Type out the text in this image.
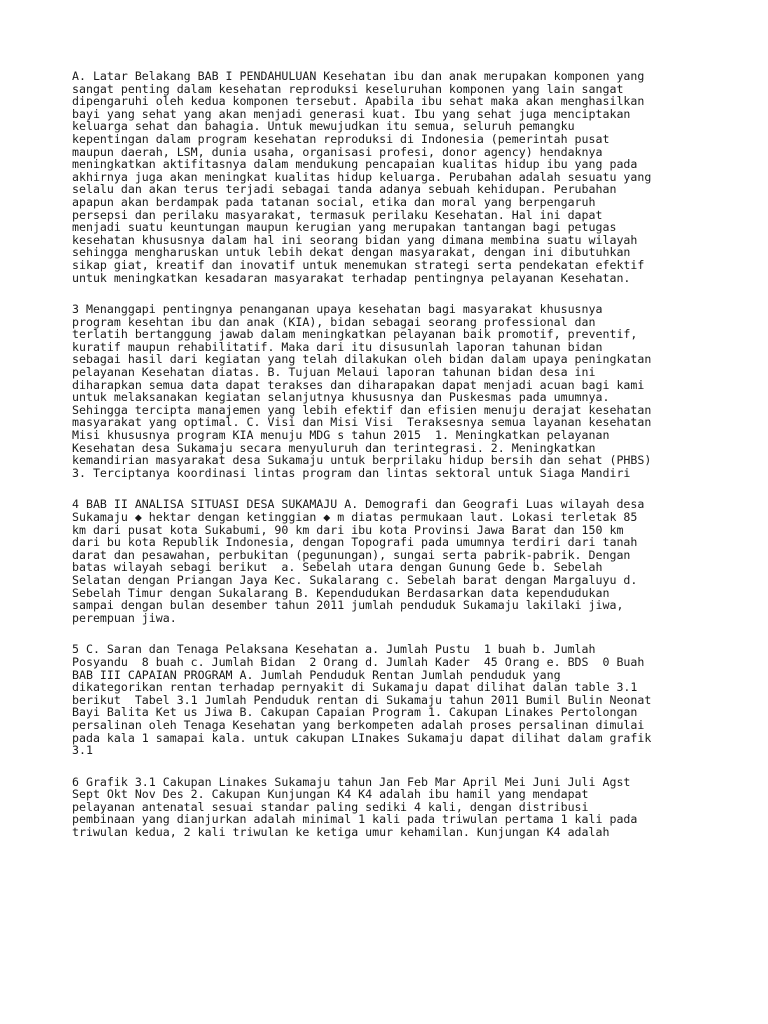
A. Latar Belakang BAB I PENDAHULUAN Kesehatan ibu dan anak merupakan komponen yang
sangat penting dalam kesehatan reproduksi keseluruhan komponen yang lain sangat
dipengaruhi oleh kedua komponen tersebut. Apabila ibu sehat maka akan menghasilkan
bayi yang sehat yang akan menjadi generasi kuat. Ibu yang sehat juga menciptakan
keluarga sehat dan bahagia. Untuk mewujudkan itu semua, seluruh pemangku
kepentingan dalam program kesehatan reproduksi di Indonesia (pemerintah pusat
maupun daerah, LSM, dunia usaha, organisasi profesi, donor agency) hendaknya
meningkatkan aktifitasnya dalam mendukung pencapaian kualitas hidup ibu yang pada
akhirnya juga akan meningkat kualitas hidup keluarga. Perubahan adalah sesuatu yang
selalu dan akan terus terjadi sebagai tanda adanya sebuah kehidupan. Perubahan
apapun akan berdampak pada tatanan social, etika dan moral yang berpengaruh
persepsi dan perilaku masyarakat, termasuk perilaku Kesehatan. Hal ini dapat
menjadi suatu keuntungan maupun kerugian yang merupakan tantangan bagi petugas
kesehatan khususnya dalam hal ini seorang bidan yang dimana membina suatu wilayah
sehingga mengharuskan untuk lebih dekat dengan masyarakat, dengan ini dibutuhkan
sikap giat, kreatif dan inovatif untuk menemukan strategi serta pendekatan efektif
untuk meningkatkan kesadaran masyarakat terhadap pentingnya pelayanan Kesehatan.
3 Menanggapi pentingnya penanganan upaya kesehatan bagi masyarakat khususnya
program kesehtan ibu dan anak (KIA), bidan sebagai seorang professional dan
terlatih bertanggung jawab dalam meningkatkan pelayanan baik promotif, preventif,
kuratif maupun rehabilitatif. Maka dari itu disusunlah laporan tahunan bidan
sebagai hasil dari kegiatan yang telah dilakukan oleh bidan dalam upaya peningkatan
pelayanan Kesehatan diatas. B. Tujuan Melaui laporan tahunan bidan desa ini
diharapkan semua data dapat terakses dan diharapakan dapat menjadi acuan bagi kami
untuk melaksanakan kegiatan selanjutnya khususnya dan Puskesmas pada umumnya.
Sehingga tercipta manajemen yang lebih efektif dan efisien menuju derajat kesehatan
masyarakat yang optimal. C. Visi dan Misi Visi  Teraksesnya semua layanan kesehatan
Misi khususnya program KIA menuju MDG s tahun 2015  1. Meningkatkan pelayanan
Kesehatan desa Sukamaju secara menyuluruh dan terintegrasi. 2. Meningkatkan
kemandirian masyarakat desa Sukamaju untuk berprilaku hidup bersih dan sehat (PHBS)
3. Terciptanya koordinasi lintas program dan lintas sektoral untuk Siaga Mandiri
4 BAB II ANALISA SITUASI DESA SUKAMAJU A. Demografi dan Geografi Luas wilayah desa
Sukamaju ◆ hektar dengan ketinggian ◆ m diatas permukaan laut. Lokasi terletak 85
km dari pusat kota Sukabumi, 90 km dari ibu kota Provinsi Jawa Barat dan 150 km
dari bu kota Republik Indonesia, dengan Topografi pada umumnya terdiri dari tanah
darat dan pesawahan, perbukitan (pegunungan), sungai serta pabrik-pabrik. Dengan
batas wilayah sebagi berikut  a. Sebelah utara dengan Gunung Gede b. Sebelah
Selatan dengan Priangan Jaya Kec. Sukalarang c. Sebelah barat dengan Margaluyu d.
Sebelah Timur dengan Sukalarang B. Kependudukan Berdasarkan data kependudukan
sampai dengan bulan desember tahun 2011 jumlah penduduk Sukamaju lakilaki jiwa,
perempuan jiwa.
5 C. Saran dan Tenaga Pelaksana Kesehatan a. Jumlah Pustu  1 buah b. Jumlah
Posyandu  8 buah c. Jumlah Bidan  2 Orang d. Jumlah Kader  45 Orang e. BDS  0 Buah
BAB III CAPAIAN PROGRAM A. Jumlah Penduduk Rentan Jumlah penduduk yang
dikategorikan rentan terhadap pernyakit di Sukamaju dapat dilihat dalan table 3.1
berikut  Tabel 3.1 Jumlah Penduduk rentan di Sukamaju tahun 2011 Bumil Bulin Neonat
Bayi Balita Ket us Jiwa B. Cakupan Capaian Program 1. Cakupan Linakes Pertolongan
persalinan oleh Tenaga Kesehatan yang berkompeten adalah proses persalinan dimulai
pada kala 1 samapai kala. untuk cakupan LInakes Sukamaju dapat dilihat dalam grafik
3.1
6 Grafik 3.1 Cakupan Linakes Sukamaju tahun Jan Feb Mar April Mei Juni Juli Agst
Sept Okt Nov Des 2. Cakupan Kunjungan K4 K4 adalah ibu hamil yang mendapat
pelayanan antenatal sesuai standar paling sediki 4 kali, dengan distribusi
pembinaan yang dianjurkan adalah minimal 1 kali pada triwulan pertama 1 kali pada
triwulan kedua, 2 kali triwulan ke ketiga umur kehamilan. Kunjungan K4 adalah
